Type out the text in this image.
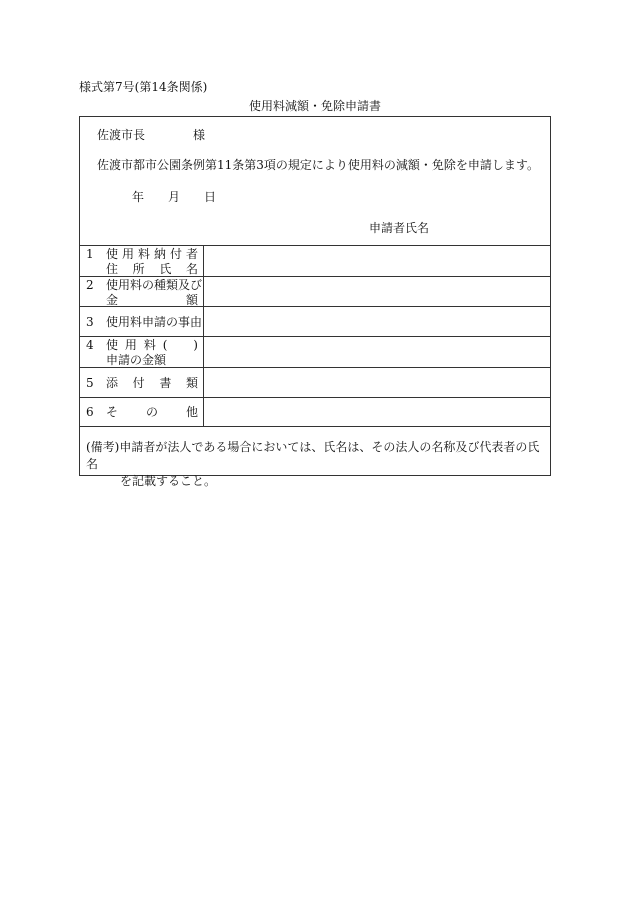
様式第7号(第14条関係)
使用料減額・免除申請書
佐渡市長　　　　様
佐渡市都市公園条例第11条第3項の規定により使用料の減額・免除を申請します。
年　　月　　日
申請者氏名
1	使用料納付者
住所氏名
2	使用料の種類及び
金額
3	使用料申請の事由
4	使用料(　)
申請の金額
5	添付書類
6	その他
(備考)申請者が法人である場合においては、氏名は、その法人の名称及び代表者の氏名
を記載すること。
